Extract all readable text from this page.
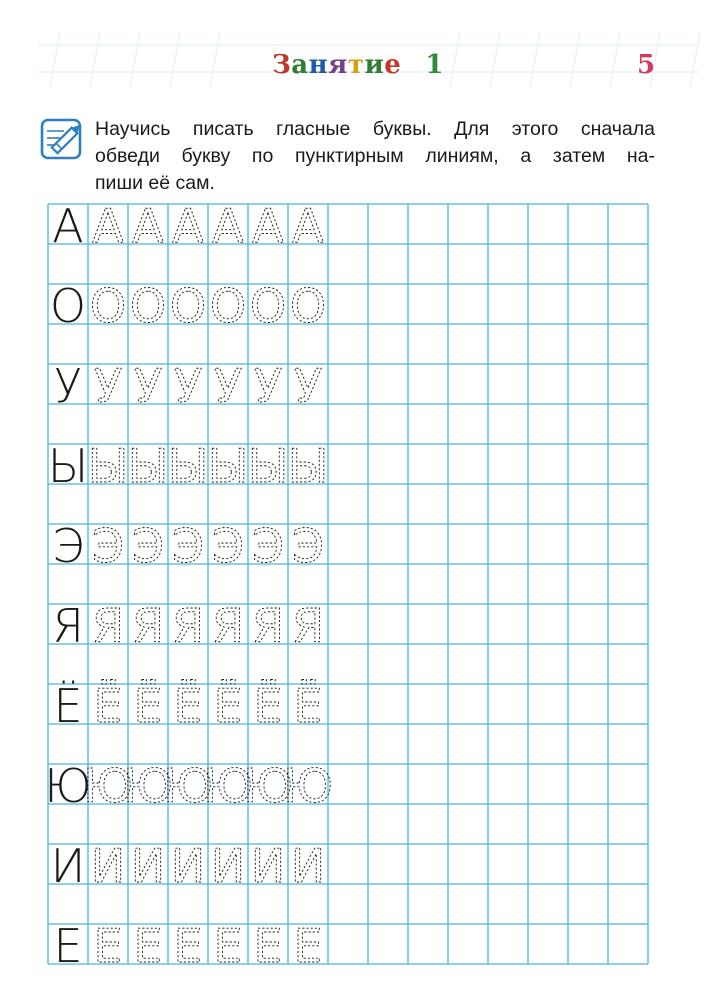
Занятие 1	5
Научись писать гласные буквы. Для этого сначала
обведи букву по пунктирным линиям, а затем на-
пиши её сам.
А А А А А А А
О О О О О О О
У У У У У У У
Ы Ы Ы Ы Ы Ы Ы
Э Э Э Э Э Э Э
Я Я Я Я Я Я Я
Ё Ё Ё Ё Ё Ё Ё
Ю
Ю
Ю
Ю
Ю
Ю
Ю
И И И И И И И
Е Е Е Е Е Е Е
